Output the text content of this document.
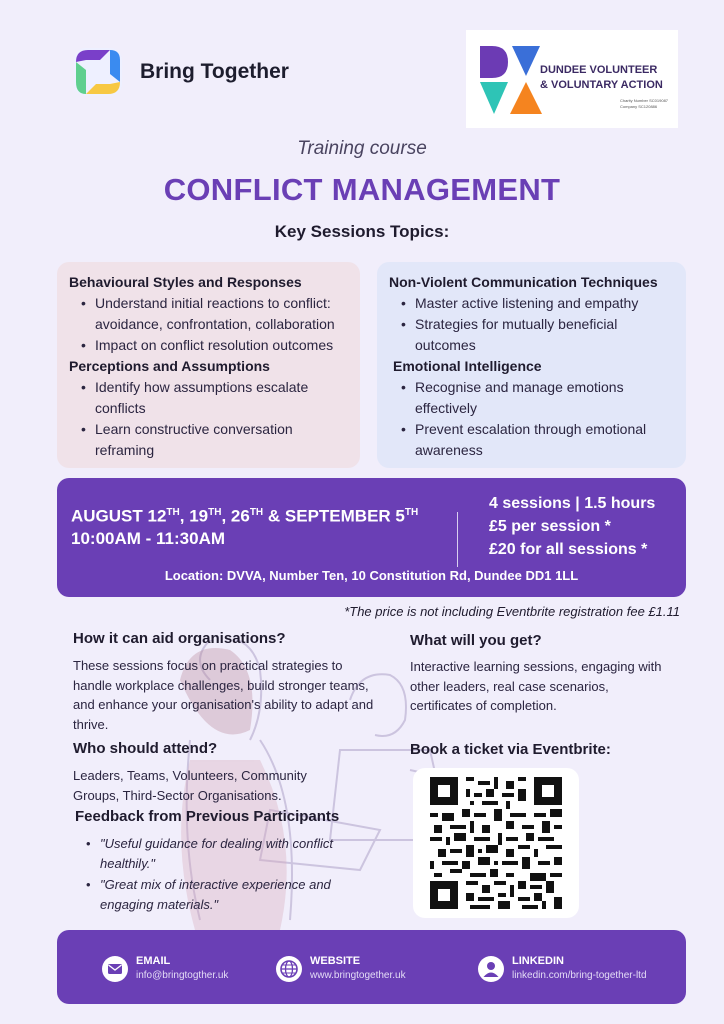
Bring Together	DUNDEE VOLUNTEER
& VOLUNTARY ACTION
Charity Number SC019087
Company SC120886
Training course
CONFLICT MANAGEMENT
Key Sessions Topics:
Behavioural Styles and Responses
• Understand initial reactions to conflict: avoidance, confrontation, collaboration
• Impact on conflict resolution outcomes
Perceptions and Assumptions
• Identify how assumptions escalate conflicts
• Learn constructive conversation reframing
Non-Violent Communication Techniques
• Master active listening and empathy
• Strategies for mutually beneficial outcomes
Emotional Intelligence
• Recognise and manage emotions effectively
• Prevent escalation through emotional awareness
AUGUST 12TH, 19TH, 26TH & SEPTEMBER 5TH
10:00AM - 11:30AM
4 sessions | 1.5 hours
£5 per session *
£20 for all sessions *
Location: DVVA, Number Ten, 10 Constitution Rd, Dundee DD1 1LL
*The price is not including Eventbrite registration fee £1.11
How it can aid organisations?
These sessions focus on practical strategies to handle workplace challenges, build stronger teams, and enhance your organisation's ability to adapt and thrive.
What will you get?
Interactive learning sessions, engaging with other leaders, real case scenarios, certificates of completion.
Who should attend?
Leaders, Teams, Volunteers, Community Groups, Third-Sector Organisations.
Feedback from Previous Participants
• "Useful guidance for dealing with conflict healthily."
• "Great mix of interactive experience and engaging materials."
Book a ticket via Eventbrite:
EMAIL
info@bringtogther.uk
WEBSITE
www.bringtogether.uk
LINKEDIN
linkedin.com/bring-together-ltd
